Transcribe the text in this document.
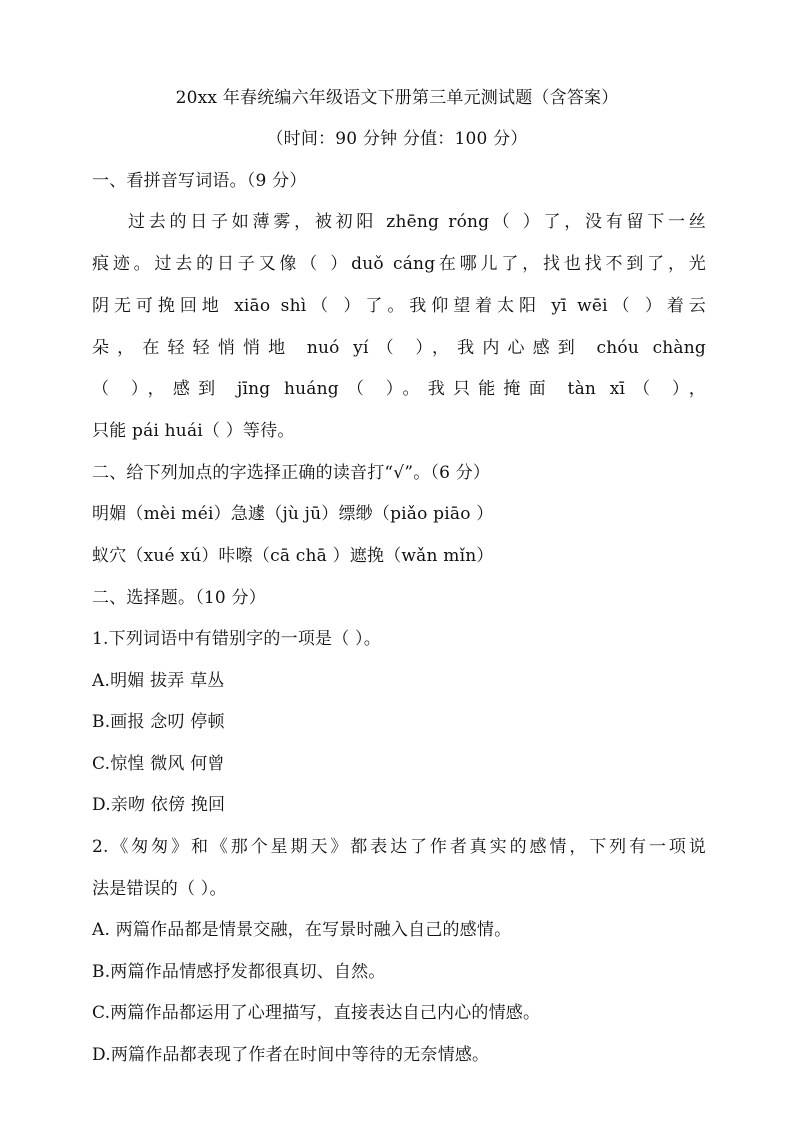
20xx 年春统编六年级语文下册第三单元测试题（含答案）
（时间：90 分钟 分值：100 分）
一、看拼音写词语。（9 分）
过去的日子如薄雾，被初阳 zhēng róng（ ）了，没有留下一丝
痕迹。过去的日子又像（ ）duǒ cáng在哪儿了，找也找不到了，光
阴无可挽回地 xiāo shì（ ）了。我仰望着太阳 yī wēi（ ）着云
朵，在轻轻悄悄地 nuó yí（ ），我内心感到 chóu chàng
（ ），感到 jīng huáng（ ）。我只能掩面 tàn xī（ ），
只能 pái huái（ ）等待。
二、给下列加点的字选择正确的读音打“√”。（6 分）
明媚（mèi méi）急遽（jù jū）缥缈（piǎo piāo ）
蚁穴（xué xú）咔嚓（cā chā ）遮挽（wǎn mǐn）
二、选择题。（10 分）
1.下列词语中有错别字的一项是（ ）。
A.明媚 拔弄 草丛
B.画报 念叨 停顿
C.惊惶 微风 何曾
D.亲吻 依傍 挽回
2.《匆匆》和《那个星期天》都表达了作者真实的感情，下列有一项说
法是错误的（ ）。
A. 两篇作品都是情景交融，在写景时融入自己的感情。
B.两篇作品情感抒发都很真切、自然。
C.两篇作品都运用了心理描写，直接表达自己内心的情感。
D.两篇作品都表现了作者在时间中等待的无奈情感。
